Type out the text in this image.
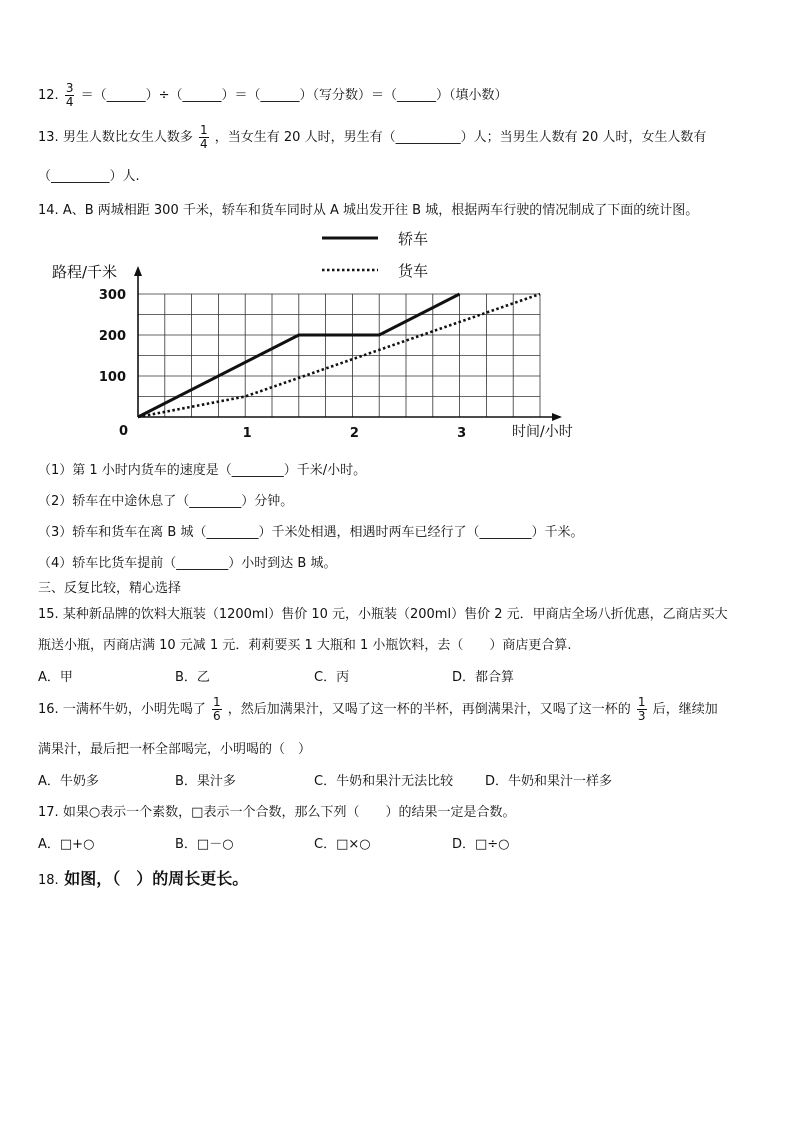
12. $\frac{3}{4}$ ＝（______）÷（______）＝（______）（写分数）＝（______）（填小数）
13. 男生人数比女生人数多 $\frac{1}{4}$ ，当女生有 20 人时，男生有（__________）人；当男生人数有 20 人时，女生人数有
（_________）人.
14. A、B 两城相距 300 千米，轿车和货车同时从 A 城出发开往 B 城，根据两车行驶的情况制成了下面的统计图。
轿车
货车
路程/千米
时间/小时
0
100
200
300
1	2	3
（1）第 1 小时内货车的速度是（________）千米/小时。
（2）轿车在中途休息了（________）分钟。
（3）轿车和货车在离 B 城（________）千米处相遇，相遇时两车已经行了（________）千米。
（4）轿车比货车提前（________）小时到达 B 城。
三、反复比较，精心选择
15. 某种新品牌的饮料大瓶装（1200ml）售价 10 元，小瓶装（200ml）售价 2 元．甲商店全场八折优惠，乙商店买大
瓶送小瓶，丙商店满 10 元减 1 元．莉莉要买 1 大瓶和 1 小瓶饮料，去（　　）商店更合算.
A．甲	B．乙	C．丙	D．都合算
16. 一满杯牛奶，小明先喝了 $\frac{1}{6}$ ，然后加满果汁，又喝了这一杯的半杯，再倒满果汁，又喝了这一杯的 $\frac{1}{3}$ 后，继续加
满果汁，最后把一杯全部喝完，小明喝的（　）
A．牛奶多	B．果汁多	C．牛奶和果汁无法比较 D．牛奶和果汁一样多
17. 如果○表示一个素数，□表示一个合数，那么下列（　　）的结果一定是合数。
A．□+○	B．□－○	C．□×○	D．□÷○
18. 如图，（　）的周长更长。
